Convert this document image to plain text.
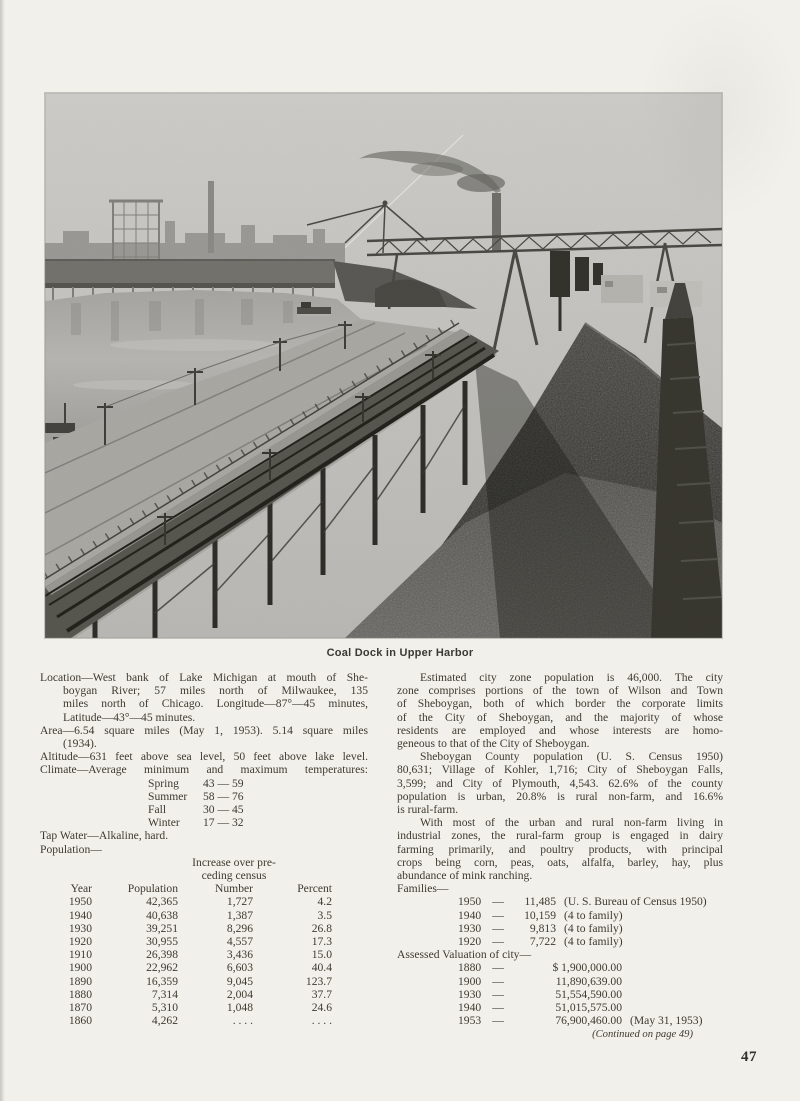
Coal Dock in Upper Harbor
Location—West bank of Lake Michigan at mouth of She-
boygan River; 57 miles north of Milwaukee, 135
miles north of Chicago. Longitude—87°—45 minutes,
Latitude—43°—45 minutes.
Area—6.54 square miles (May 1, 1953). 5.14 square miles
(1934).
Altitude—631 feet above sea level, 50 feet above lake level.
Climate—Average minimum and maximum temperatures:
Spring	43 — 59
Summer	58 — 76
Fall	30 — 45
Winter	17 — 32
Tap Water—Alkaline, hard.
Population—
Increase over pre-
ceding census
Year	Population	Number	Percent
1950	42,365	1,727	4.2
1940	40,638	1,387	3.5
1930	39,251	8,296	26.8
1920	30,955	4,557	17.3
1910	26,398	3,436	15.0
1900	22,962	6,603	40.4
1890	16,359	9,045	123.7
1880	7,314	2,004	37.7
1870	5,310	1,048	24.6
1860	4,262	. . . .	. . . .
Estimated city zone population is 46,000. The city
zone comprises portions of the town of Wilson and Town
of Sheboygan, both of which border the corporate limits
of the City of Sheboygan, and the majority of whose
residents are employed and whose interests are homo-
geneous to that of the City of Sheboygan.
Sheboygan County population (U. S. Census 1950)
80,631; Village of Kohler, 1,716; City of Sheboygan Falls,
3,599; and City of Plymouth, 4,543. 62.6% of the county
population is urban, 20.8% is rural non-farm, and 16.6%
is rural-farm.
With most of the urban and rural non-farm living in
industrial zones, the rural-farm group is engaged in dairy
farming primarily, and poultry products, with principal
crops being corn, peas, oats, alfalfa, barley, hay, plus
abundance of mink ranching.
Families—
1950 —	11,485 (U. S. Bureau of Census 1950)
1940 —	10,159 (4 to family)
1930 —	9,813 (4 to family)
1920 —	7,722 (4 to family)
Assessed Valuation of city—
1880 —	$ 1,900,000.00
1900 —	11,890,639.00
1930 —	51,554,590.00
1940 —	51,015,575.00
1953 —	76,900,460.00 (May 31, 1953)
(Continued on page 49)
47
